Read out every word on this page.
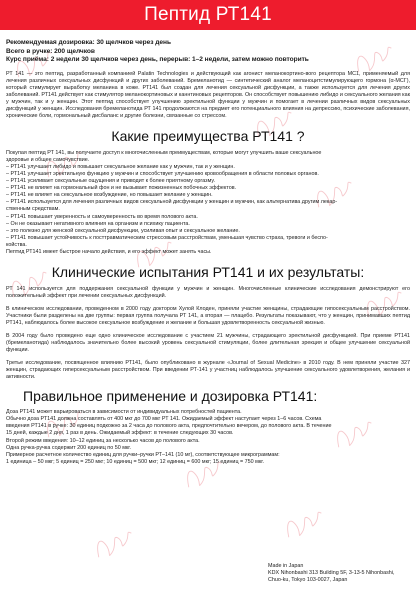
Пептид РТ141

Рекомендуемая дозировка: 30 щелчков через день

Всего в ручке: 200 щелчков

Курс приёма: 2 недели 30 щелчков через день, перерыв: 1–2 недели, затем можно повторить

РТ 141 — это пептид, разработанный компанией Palatin Technologies и действующий как агонист меланокортино-вого рецептора МС1, применяемый для лечения различных сексуальных дисфункций и других заболеваний. Бремеланотид — синтетический аналог меланоцитстимулирующего гормона (α-МСГ), который стимулирует выработку меланина в коже. РТ141 был создан для лечения сексуальной дисфункции, а также используется для лечения других заболеваний. РТ141 действует как стимулятор меланокортиновых и каннтиновых рецепторов. Он способствует повышению либидо и сексуального желания как у мужчин, так и у женщин. Этот пептид способствует улучшению эректильной функции у мужчин и помогает в лечении различных видов сексуальных дисфункций у женщин. Исследования бремеланотида РТ 141 продолжаются на предмет его потенциального влияния на депрессию, психические заболевания, хронические боли, гормональный дисбаланс и другие болезни, связанные со стрессом.

Какие преимущества РТ141 ?

Покупая пептид РТ 141, вы получаете доступ к многочисленным преимуществам, которые могут улучшить ваше сексуальное

здоровье и общее самочувствие.

– РТ141 улучшает либидо и повышает сексуальное желание как у мужчин, так и у женщин.

– РТ141 улучшает эректильную функцию у мужчин и способствует улучшению кровообращения в области половых органов.

– РТ141 усиливает сексуальные ощущения и приводит к более приятному оргазму.

– РТ141 не влияет на гормональный фон и не вызывает пожизненных побочных эффектов.

– РТ141 не влияет на сексуальное возбуждение, но повышает желание у женщин.

– РТ141 используется для лечения различных видов сексуальной дисфункции у женщин и мужчин, как альтернатива другим лекар-

ственным средствам.

– РТ141 повышает уверенность и самоуверенность во время полового акта.

– Он не оказывает негативного влияния на организм и психику пациента.

– это полезно для женской сексуальной дисфункции, усиливая опыт и сексуальное желание.

– РТ141 повышает устойчивость к посттравматическим стрессовым расстройствам, уменьшая чувство страха, тревоги и беспо-

койства.

Пептид РТ141 имеет быстрое начало действия, и его эффект может занять часы.

Клинические испытания РТ141 и их результаты:

РТ 141 используется для поддержания сексуальной функции у мужчин и женщин. Многочисленные клинические исследования демонстрируют его положительный эффект при лечении сексуальных дисфункций.

В клиническом исследовании, проведенном в 2000 году доктором Хулой Клоден, приняли участие женщины, страдающие гипосексуальным расстройством. Участники были разделены на две группы: первая группа получала РТ 141, а вторая — плацебо. Результаты показывают, что у женщин, принимавших пептид РТ141, наблюдалось более высокое сексуальное возбуждение и желание и большая удовлетворенность сексуальной жизнью.

В 2004 году было проведено еще одно клиническое исследование с участием 21 мужчины, страдающего эректильной дисфункцией. При приеме РТ141 (бремеланотида) наблюдалось значительно более высокий уровень сексуальной стимуляции, более длительная эрекция и общее улучшение сексуальной функции.

Третье исследование, посвященное влиянию РТ141, было опубликовано в журнале «Journal of Sexual Medicine» в 2010 году. В нем приняли участие 327 женщин, страдающих гиперсексуальным расстройством. При введении РТ-141 у участниц наблюдалось улучшение сексуального удовлетворения, желания и активности.

Правильное применение и дозировка РТ141:

Доза РТ141 может варьироваться в зависимости от индивидуальных потребностей пациента.

Обычно доза РТ141 должна составлять от 400 мкг до 700 мкг РТ 141. Ожидаемый эффект наступает через 1–6 часов. Схема

введения РТ141 в ручке: 30 единиц подкожно за 2 часа до полового акта, предпочтительно вечером, до полового акта. В течение

15 дней, каждые 2 дня, 1 раз в день. Ожидаемый эффект: в течение следующих 30 часов.

Второй режим введения: 10–12 единиц за несколько часов до полового акта.

Одна ручка-ручка содержит 200 единиц по 50 мкг.

Примерное расчетное количество единиц для ручки–ручки РТ–141 (10 мг), соответствующее микрограммам:

1 единица – 50 мкг; 5 единиц = 250 мкг; 10 единиц = 500 мкг; 12 единиц = 600 мкг; 15 единиц = 750 мкг.

Made in Japan

KDX Nihonbashi 313 Building 5F, 3-13-5 Nihonbashi,

Chuo-ku, Tokyo 103-0027, Japan
